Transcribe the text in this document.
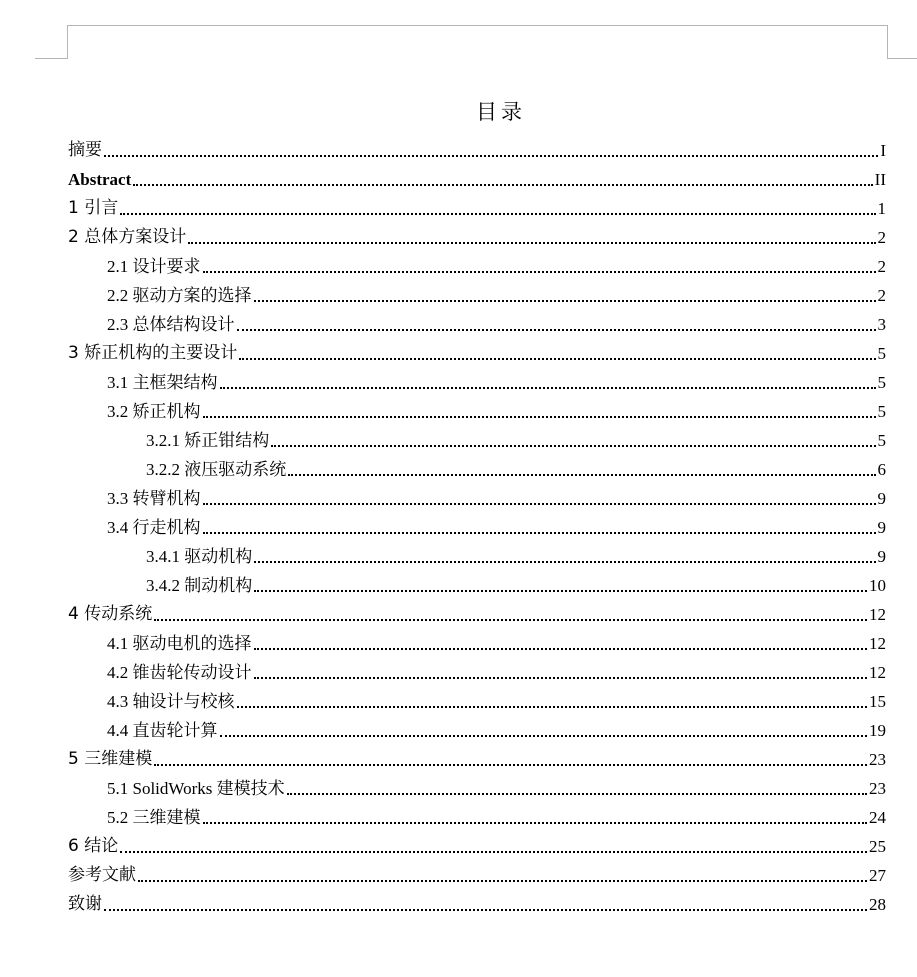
目录
摘要	I
Abstract	II
1 引言	1
2 总体方案设计	2
2.1 设计要求	2
2.2 驱动方案的选择	2
2.3 总体结构设计	3
3 矫正机构的主要设计	5
3.1 主框架结构	5
3.2 矫正机构	5
3.2.1 矫正钳结构	5
3.2.2 液压驱动系统	6
3.3 转臂机构	9
3.4 行走机构	9
3.4.1 驱动机构	9
3.4.2 制动机构	10
4 传动系统	12
4.1 驱动电机的选择	12
4.2 锥齿轮传动设计	12
4.3 轴设计与校核	15
4.4 直齿轮计算	19
5 三维建模	23
5.1 SolidWorks 建模技术	23
5.2 三维建模	24
6 结论	25
参考文献	27
致谢	28
